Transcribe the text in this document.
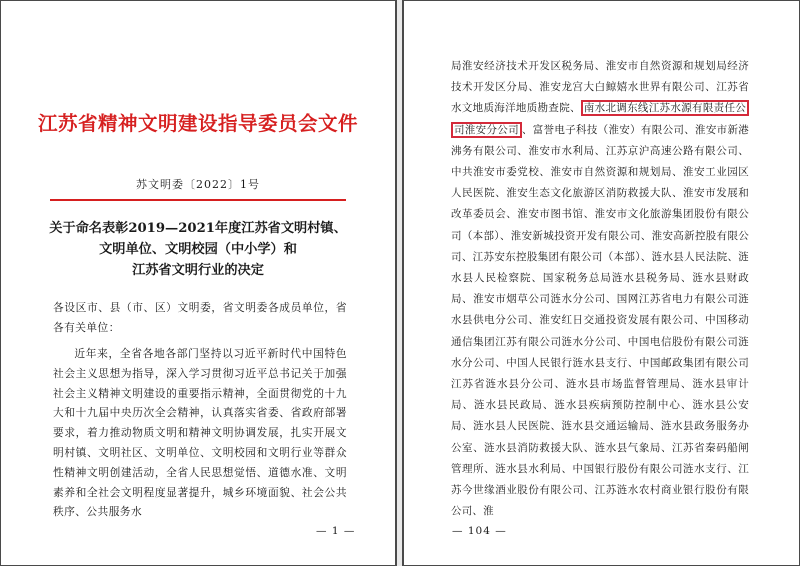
江苏省精神文明建设指导委员会文件
苏文明委〔2022〕1号
关于命名表彰2019—2021年度江苏省文明村镇、
文明单位、文明校园（中小学）和
江苏省文明行业的决定
各设区市、县（市、区）文明委，省文明委各成员单位，省各有关单位：
近年来，全省各地各部门坚持以习近平新时代中国特色社会主义思想为指导，深入学习贯彻习近平总书记关于加强社会主义精神文明建设的重要指示精神，全面贯彻党的十九大和十九届中央历次全会精神，认真落实省委、省政府部署要求，着力推动物质文明和精神文明协调发展，扎实开展文明村镇、文明社区、文明单位、文明校园和文明行业等群众性精神文明创建活动，全省人民思想觉悟、道德水准、文明素养和全社会文明程度显著提升，城乡环境面貌、社会公共秩序、公共服务水
— 1 —
局淮安经济技术开发区税务局、淮安市自然资源和规划局经济技术开发区分局、淮安龙宫大白鲸嬉水世界有限公司、江苏省水文地质海洋地质勘查院、 南水北调东线江苏水源有限责任公司淮安分公司 、富誉电子科技（淮安）有限公司、淮安市新港沸务有限公司、淮安市水利局、江苏京沪高速公路有限公司、中共淮安市委党校、淮安市自然资源和规划局、淮安工业园区人民医院、淮安生态文化旅游区消防救援大队、淮安市发展和改革委员会、淮安市图书馆、淮安市文化旅游集团股份有限公司（本部）、淮安新城投资开发有限公司、淮安高新控股有限公司、江苏安东控股集团有限公司（本部）、涟水县人民法院、涟水县人民检察院、国家税务总局涟水县税务局、涟水县财政局、淮安市烟草公司涟水分公司、国网江苏省电力有限公司涟水县供电分公司、淮安红日交通投资发展有限公司、中国移动通信集团江苏有限公司涟水分公司、中国电信股份有限公司涟水分公司、中国人民银行涟水县支行、中国邮政集团有限公司江苏省涟水县分公司、涟水县市场监督管理局、涟水县审计局、涟水县民政局、涟水县疾病预防控制中心、涟水县公安局、涟水县人民医院、涟水县交通运输局、涟水县政务服务办公室、涟水县消防救援大队、涟水县气象局、江苏省秦码船闸管理所、涟水县水利局、中国银行股份有限公司涟水支行、江苏今世缘酒业股份有限公司、江苏涟水农村商业银行股份有限公司、淮
— 104 —
